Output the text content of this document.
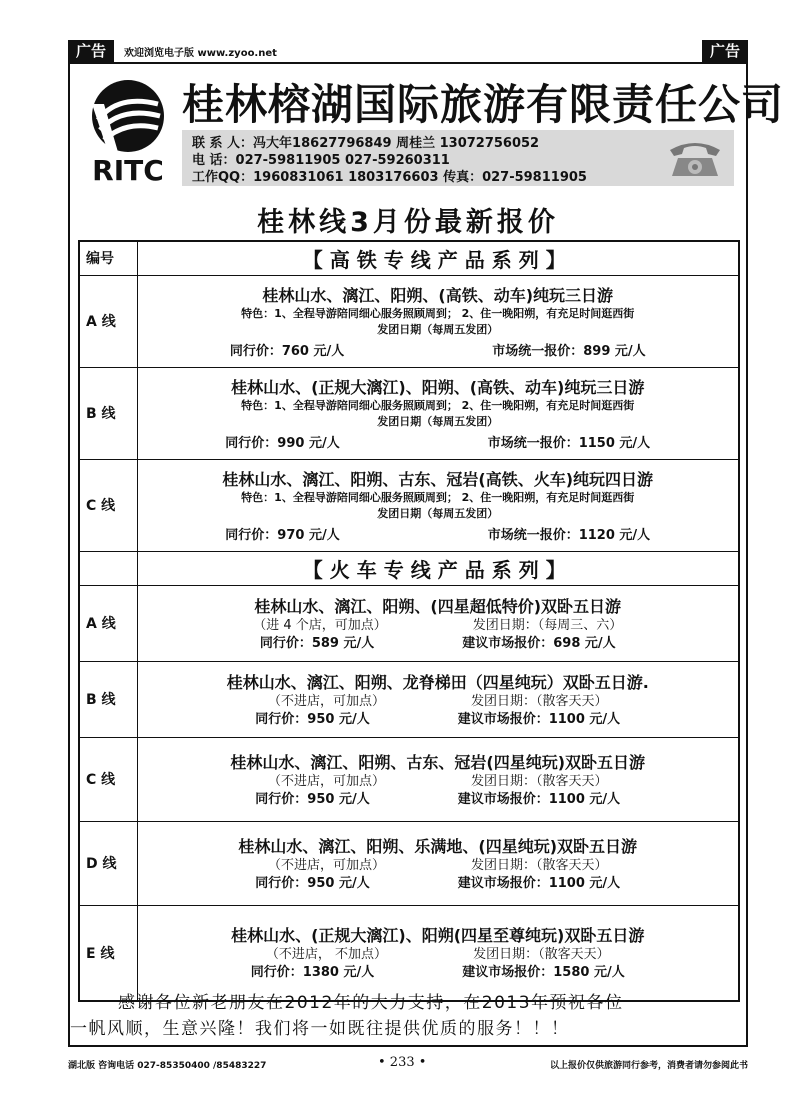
广告	欢迎浏览电子版 www.zyoo.net	广告
RITC
桂林榕湖国际旅游有限责任公司
联 系 人：冯大年18627796849 周桂兰 13072756052
电 话：027-59811905 027-59260311
工作QQ：1960831061 1803176603 传真：027-59811905
桂林线3月份最新报价
编号	【高铁专线产品系列】
A 线	桂林山水、漓江、阳朔、(高铁、动车)纯玩三日游
特色：1、全程导游陪同细心服务照顾周到； 2、住一晚阳朔，有充足时间逛西街
发团日期（每周五发团）
同行价：760 元/人 市场统一报价：899 元/人

B 线	桂林山水、(正规大漓江)、阳朔、(高铁、动车)纯玩三日游
特色：1、全程导游陪同细心服务照顾周到； 2、住一晚阳朔，有充足时间逛西街
发团日期（每周五发团）
同行价：990 元/人 市场统一报价：1150 元/人

C 线	桂林山水、漓江、阳朔、古东、冠岩(高铁、火车)纯玩四日游
特色：1、全程导游陪同细心服务照顾周到； 2、住一晚阳朔，有充足时间逛西街
发团日期（每周五发团）
同行价：970 元/人 市场统一报价：1120 元/人

	【火车专线产品系列】
A 线	桂林山水、漓江、阳朔、(四星超低特价)双卧五日游
（进 4 个店，可加点） 发团日期：（每周三、六）
同行价：589 元/人 建议市场报价：698 元/人

B 线	桂林山水、漓江、阳朔、龙脊梯田（四星纯玩）双卧五日游.
（不进店，可加点） 发团日期：（散客天天）
同行价：950 元/人 建议市场报价：1100 元/人

C 线	桂林山水、漓江、阳朔、古东、冠岩(四星纯玩)双卧五日游
（不进店，可加点） 发团日期：（散客天天）
同行价：950 元/人 建议市场报价：1100 元/人

D 线	桂林山水、漓江、阳朔、乐满地、(四星纯玩)双卧五日游
（不进店，可加点） 发团日期：（散客天天）
同行价：950 元/人 建议市场报价：1100 元/人

E 线	桂林山水、(正规大漓江)、阳朔(四星至尊纯玩)双卧五日游
（不进店， 不加点） 发团日期：（散客天天）
同行价：1380 元/人 建议市场报价：1580 元/人
感谢各位新老朋友在2012年的大力支持，在2013年预祝各位
一帆风顺，生意兴隆！我们将一如既往提供优质的服务！！！
湖北版 咨询电话 027-85350400 /85483227	• 233 •	以上报价仅供旅游同行参考，消费者请勿参阅此书
